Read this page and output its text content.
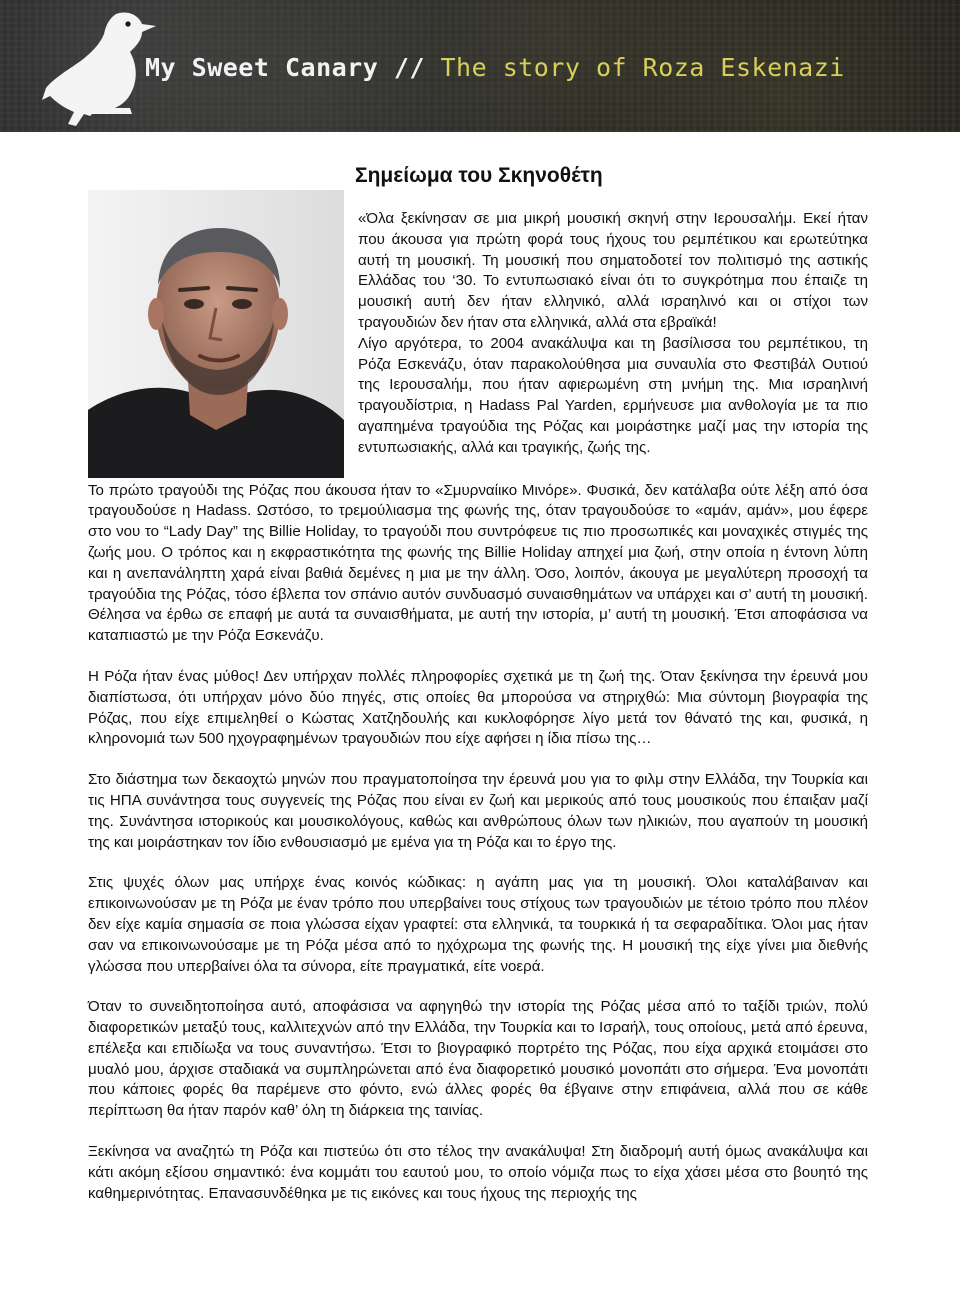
My Sweet Canary // The story of Roza Eskenazi
Σημείωμα του Σκηνοθέτη

«Όλα ξεκίνησαν σε μια μικρή μουσική σκηνή στην Ιερουσαλήμ. Εκεί ήταν που άκουσα για πρώτη φορά τους ήχους του ρεμπέτικου και ερωτεύτηκα αυτή τη μουσική. Τη μουσική που σηματοδοτεί τον πολιτισμό της αστικής Ελλάδας του ‘30. Το εντυπωσιακό είναι ότι το συγκρότημα που έπαιζε τη μουσική αυτή δεν ήταν ελληνικό, αλλά ισραηλινό και οι στίχοι των τραγουδιών δεν ήταν στα ελληνικά, αλλά στα εβραϊκά!

Λίγο αργότερα, το 2004 ανακάλυψα και τη βασίλισσα του ρεμπέτικου, τη Ρόζα Εσκενάζυ, όταν παρακολούθησα μια συναυλία στο Φεστιβάλ Ουτιού της Ιερουσαλήμ, που ήταν αφιερωμένη στη μνήμη της. Μια ισραηλινή τραγουδίστρια, η Hadass Pal Yarden, ερμήνευσε μια ανθολογία με τα πιο αγαπημένα τραγούδια της Ρόζας και μοιράστηκε μαζί μας την ιστορία της εντυπωσιακής, αλλά και τραγικής, ζωής της.

Το πρώτο τραγούδι της Ρόζας που άκουσα ήταν το «Σμυρναίικο Μινόρε». Φυσικά, δεν κατάλαβα ούτε λέξη από όσα τραγουδούσε η Hadass. Ωστόσο, το τρεμούλιασμα της φωνής της, όταν τραγουδούσε το «αμάν, αμάν», μου έφερε στο νου το “Lady Day” της Billie Holiday, το τραγούδι που συντρόφευε τις πιο προσωπικές και μοναχικές στιγμές της ζωής μου. Ο τρόπος και η εκφραστικότητα της φωνής της Billie Holiday απηχεί μια ζωή, στην οποία η έντονη λύπη και η ανεπανάληπτη χαρά είναι βαθιά δεμένες η μια με την άλλη. Όσο, λοιπόν, άκουγα με μεγαλύτερη προσοχή τα τραγούδια της Ρόζας, τόσο έβλεπα τον σπάνιο αυτόν συνδυασμό συναισθημάτων να υπάρχει και σ’ αυτή τη μουσική. Θέλησα να έρθω σε επαφή με αυτά τα συναισθήματα, με αυτή την ιστορία, μ’ αυτή τη μουσική. Έτσι αποφάσισα να καταπιαστώ με την Ρόζα Εσκενάζυ.

Η Ρόζα ήταν ένας μύθος! Δεν υπήρχαν πολλές πληροφορίες σχετικά με τη ζωή της. Όταν ξεκίνησα την έρευνά μου διαπίστωσα, ότι υπήρχαν μόνο δύο πηγές, στις οποίες θα μπορούσα να στηριχθώ: Μια σύντομη βιογραφία της Ρόζας, που είχε επιμεληθεί ο Κώστας Χατζηδουλής και κυκλοφόρησε λίγο μετά τον θάνατό της και, φυσικά, η κληρονομιά των 500 ηχογραφημένων τραγουδιών που είχε αφήσει η ίδια πίσω της…

Στο διάστημα των δεκαοχτώ μηνών που πραγματοποίησα την έρευνά μου για το φιλμ στην Ελλάδα, την Τουρκία και τις ΗΠΑ συνάντησα τους συγγενείς της Ρόζας που είναι εν ζωή και μερικούς από τους μουσικούς που έπαιξαν μαζί της. Συνάντησα ιστορικούς και μουσικολόγους, καθώς και ανθρώπους όλων των ηλικιών, που αγαπούν τη μουσική της και μοιράστηκαν τον ίδιο ενθουσιασμό με εμένα για τη Ρόζα και το έργο της.

Στις ψυχές όλων μας υπήρχε ένας κοινός κώδικας: η αγάπη μας για τη μουσική. Όλοι καταλάβαιναν και επικοινωνούσαν με τη Ρόζα με έναν τρόπο που υπερβαίνει τους στίχους των τραγουδιών με τέτοιο τρόπο που πλέον δεν είχε καμία σημασία σε ποια γλώσσα είχαν γραφτεί: στα ελληνικά, τα τουρκικά ή τα σεφαραδίτικα. Όλοι μας ήταν σαν να επικοινωνούσαμε με τη Ρόζα μέσα από το ηχόχρωμα της φωνής της. Η μουσική της είχε γίνει μια διεθνής γλώσσα που υπερβαίνει όλα τα σύνορα, είτε πραγματικά, είτε νοερά.

Όταν το συνειδητοποίησα αυτό, αποφάσισα να αφηγηθώ την ιστορία της Ρόζας μέσα από το ταξίδι τριών, πολύ διαφορετικών μεταξύ τους, καλλιτεχνών από την Ελλάδα, την Τουρκία και το Ισραήλ, τους οποίους, μετά από έρευνα, επέλεξα και επιδίωξα να τους συναντήσω. Έτσι το βιογραφικό πορτρέτο της Ρόζας, που είχα αρχικά ετοιμάσει στο μυαλό μου, άρχισε σταδιακά να συμπληρώνεται από ένα διαφορετικό μουσικό μονοπάτι στο σήμερα. Ένα μονοπάτι που κάποιες φορές θα παρέμενε στο φόντο, ενώ άλλες φορές θα έβγαινε στην επιφάνεια, αλλά που σε κάθε περίπτωση θα ήταν παρόν καθ’ όλη τη διάρκεια της ταινίας.

Ξεκίνησα να αναζητώ τη Ρόζα και πιστεύω ότι στο τέλος την ανακάλυψα! Στη διαδρομή αυτή όμως ανακάλυψα και κάτι ακόμη εξίσου σημαντικό: ένα κομμάτι του εαυτού μου, το οποίο νόμιζα πως το είχα χάσει μέσα στο βουητό της καθημερινότητας. Επανασυνδέθηκα με τις εικόνες και τους ήχους της περιοχής της
